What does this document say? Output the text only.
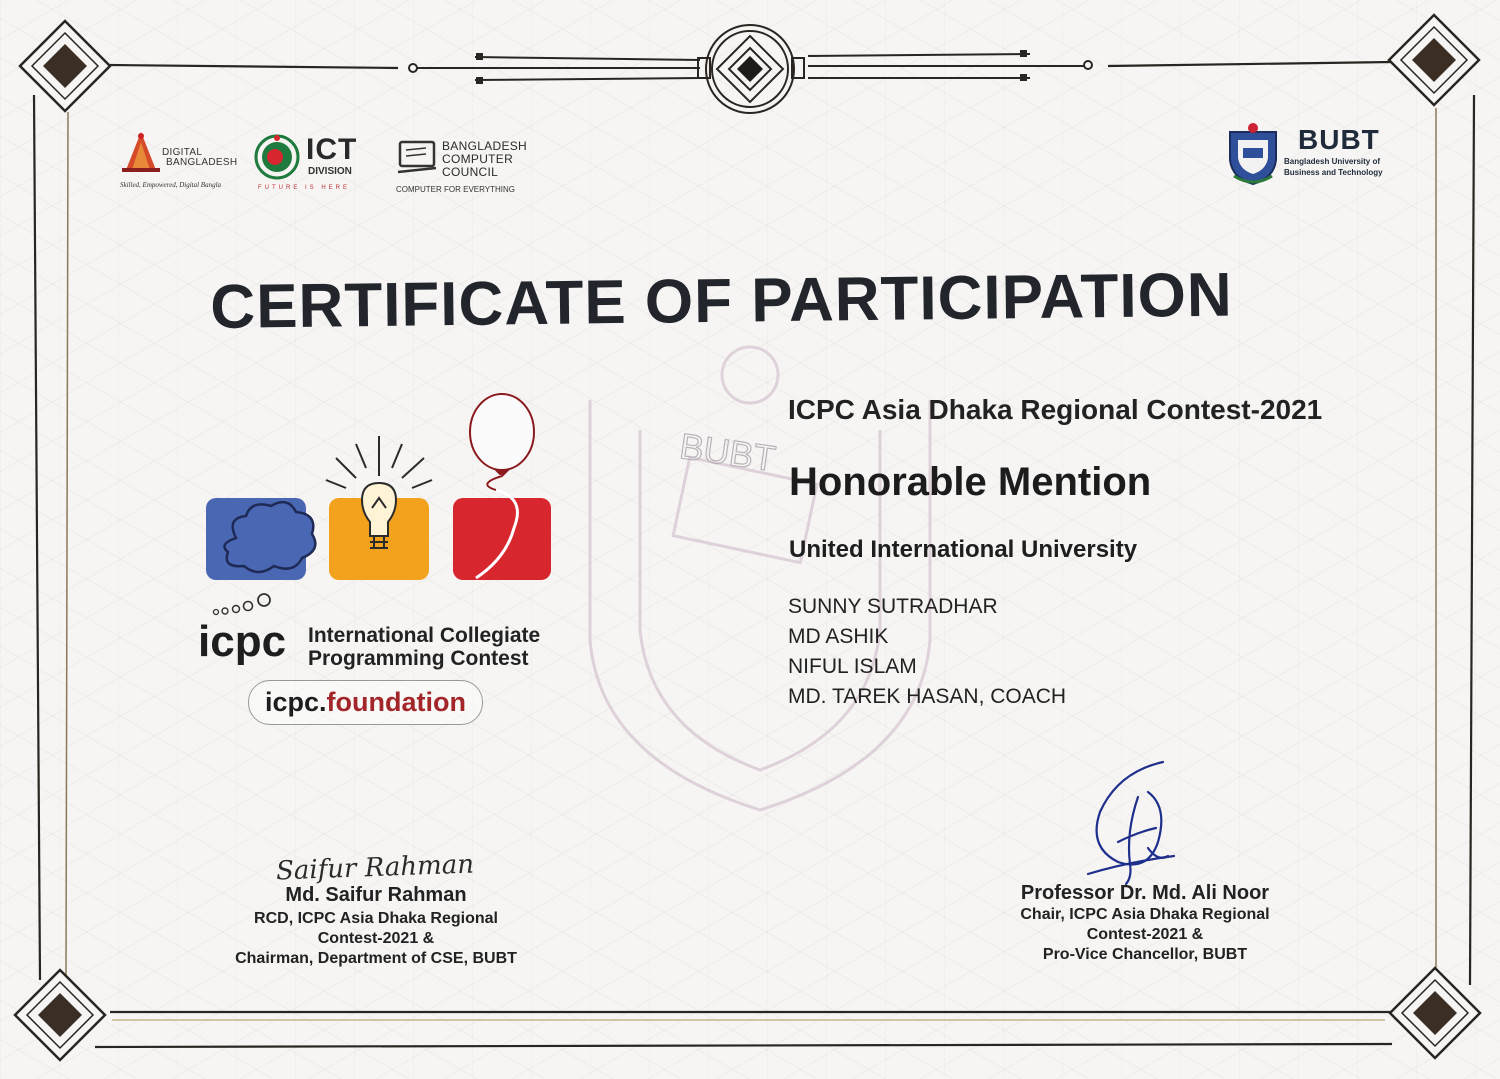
BUBT
DIGITAL
BANGLADESH
Skilled, Empowered, Digital Bangla
ICT
DIVISION
FUTURE IS HERE
BANGLADESH
COMPUTER
COUNCIL
COMPUTER FOR EVERYTHING
BUBT
Bangladesh University of
Business and Technology
CERTIFICATE OF PARTICIPATION
icpc International Collegiate
Programming Contest
icpc.foundation
ICPC Asia Dhaka Regional Contest-2021
Honorable Mention
United International University
SUNNY SUTRADHAR
MD ASHIK
NIFUL ISLAM
MD. TAREK HASAN, COACH
Saifur Rahman
Md. Saifur Rahman
RCD, ICPC Asia Dhaka Regional
Contest-2021 &
Chairman, Department of CSE, BUBT
Professor Dr. Md. Ali Noor
Chair, ICPC Asia Dhaka Regional
Contest-2021 &
Pro-Vice Chancellor, BUBT
